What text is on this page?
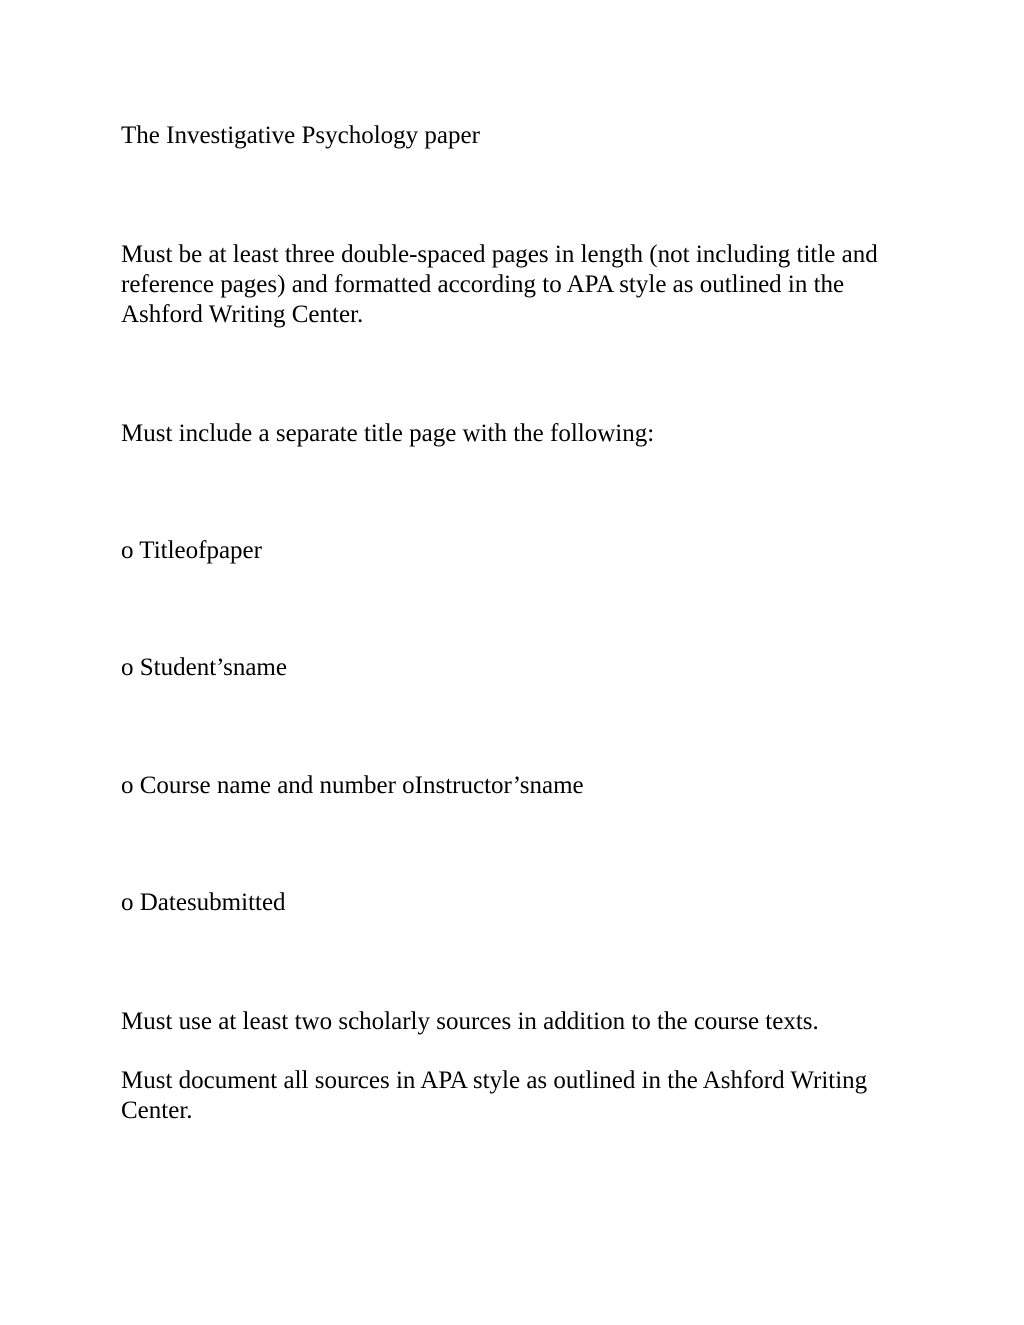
The Investigative Psychology paper

Must be at least three double-spaced pages in length (not including title and reference pages) and formatted according to APA style as outlined in the Ashford Writing Center.

Must include a separate title page with the following:

o Titleofpaper

o Student’sname

o Course name and number oInstructor’sname

o Datesubmitted

Must use at least two scholarly sources in addition to the course texts.

Must document all sources in APA style as outlined in the Ashford Writing Center.
